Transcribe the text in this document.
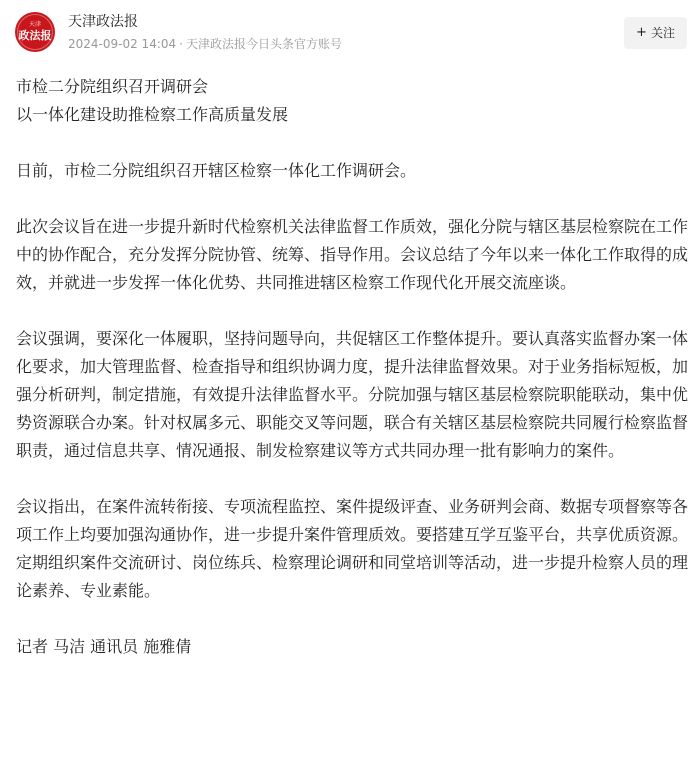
天津
政法报
天津政法报
2024-09-02 14:04 · 天津政法报今日头条官方账号
+ 关注

市检二分院组织召开调研会

以一体化建设助推检察工作高质量发展

日前，市检二分院组织召开辖区检察一体化工作调研会。

此次会议旨在进一步提升新时代检察机关法律监督工作质效，强化分院与辖区基层检察院在工作中的协作配合，充分发挥分院协管、统筹、指导作用。会议总结了今年以来一体化工作取得的成效，并就进一步发挥一体化优势、共同推进辖区检察工作现代化开展交流座谈。

会议强调，要深化一体履职，坚持问题导向，共促辖区工作整体提升。要认真落实监督办案一体化要求，加大管理监督、检查指导和组织协调力度，提升法律监督效果。对于业务指标短板，加强分析研判，制定措施，有效提升法律监督水平。分院加强与辖区基层检察院职能联动，集中优势资源联合办案。针对权属多元、职能交叉等问题，联合有关辖区基层检察院共同履行检察监督职责，通过信息共享、情况通报、制发检察建议等方式共同办理一批有影响力的案件。

会议指出，在案件流转衔接、专项流程监控、案件提级评查、业务研判会商、数据专项督察等各项工作上均要加强沟通协作，进一步提升案件管理质效。要搭建互学互鉴平台，共享优质资源。定期组织案件交流研讨、岗位练兵、检察理论调研和同堂培训等活动，进一步提升检察人员的理论素养、专业素能。

记者 马洁 通讯员 施雅倩
